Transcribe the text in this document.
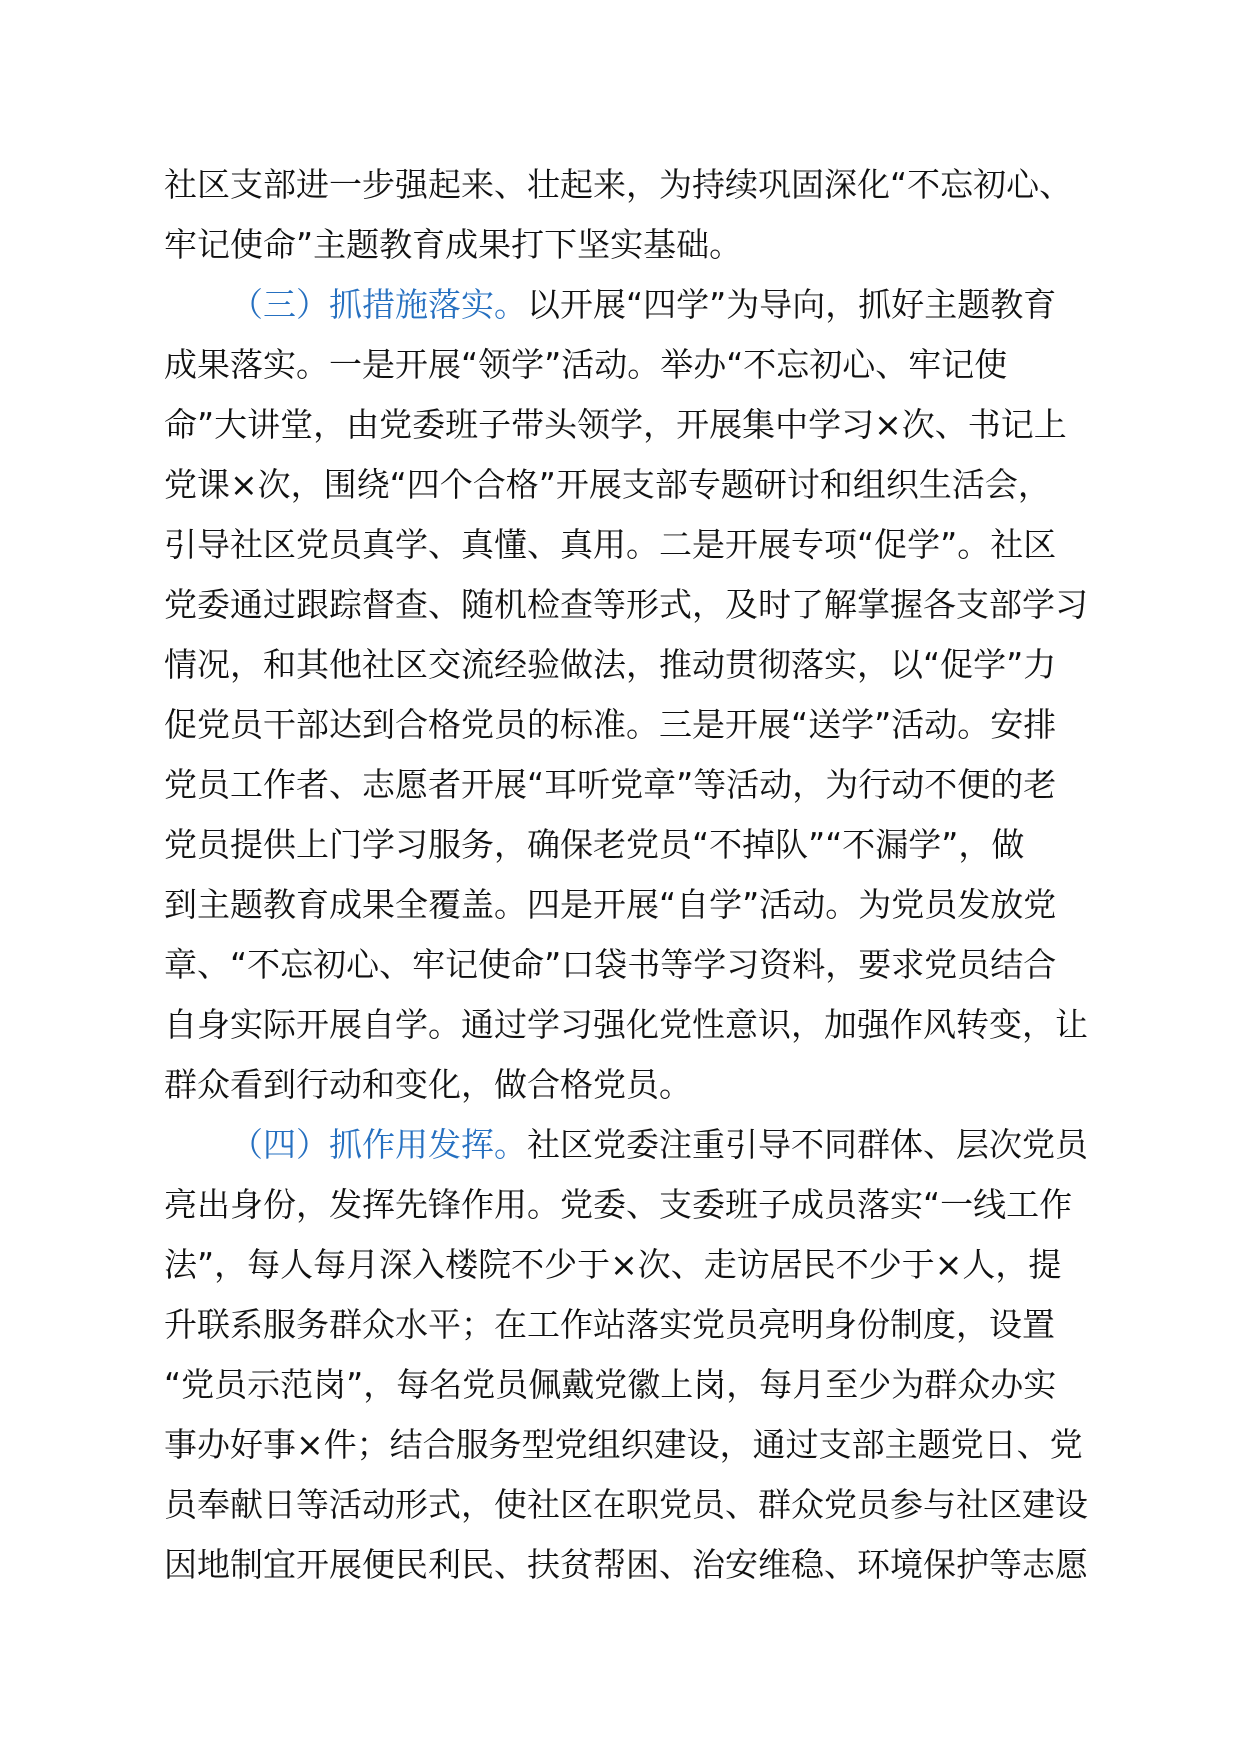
社区支部进一步强起来、壮起来，为持续巩固深化“不忘初心、
牢记使命”主题教育成果打下坚实基础。
（三）抓措施落实。以开展“四学”为导向，抓好主题教育
成果落实。一是开展“领学”活动。举办“不忘初心、牢记使
命”大讲堂，由党委班子带头领学，开展集中学习×次、书记上
党课×次，围绕“四个合格”开展支部专题研讨和组织生活会，
引导社区党员真学、真懂、真用。二是开展专项“促学”。社区
党委通过跟踪督查、随机检查等形式，及时了解掌握各支部学习
情况，和其他社区交流经验做法，推动贯彻落实，以“促学”力
促党员干部达到合格党员的标准。三是开展“送学”活动。安排
党员工作者、志愿者开展“耳听党章”等活动，为行动不便的老
党员提供上门学习服务，确保老党员“不掉队”“不漏学”，做
到主题教育成果全覆盖。四是开展“自学”活动。为党员发放党
章、“不忘初心、牢记使命”口袋书等学习资料，要求党员结合
自身实际开展自学。通过学习强化党性意识，加强作风转变，让
群众看到行动和变化，做合格党员。
（四）抓作用发挥。社区党委注重引导不同群体、层次党员
亮出身份，发挥先锋作用。党委、支委班子成员落实“一线工作
法”，每人每月深入楼院不少于×次、走访居民不少于×人，提
升联系服务群众水平；在工作站落实党员亮明身份制度，设置
“党员示范岗”，每名党员佩戴党徽上岗，每月至少为群众办实
事办好事×件；结合服务型党组织建设，通过支部主题党日、党
员奉献日等活动形式，使社区在职党员、群众党员参与社区建设
因地制宜开展便民利民、扶贫帮困、治安维稳、环境保护等志愿
